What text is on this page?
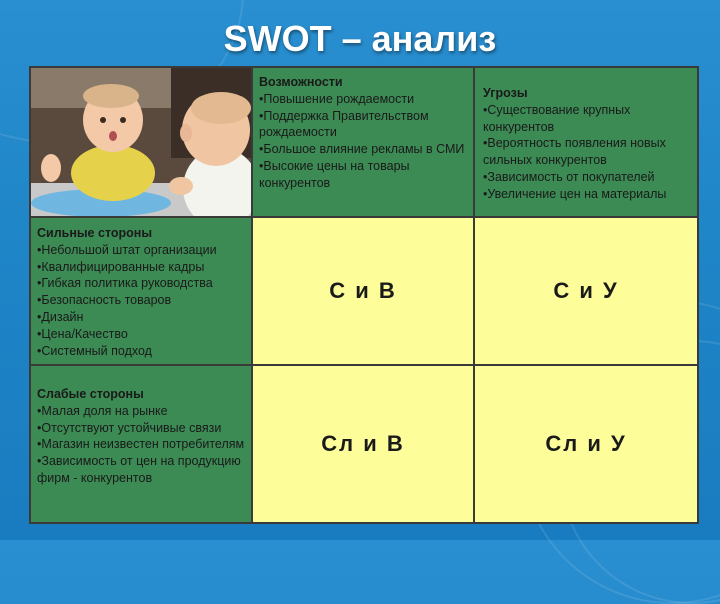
SWOT – анализ
Возможности
• Повышение рождаемости
• Поддержка Правительством рождаемости
• Большое влияние рекламы в СМИ
• Высокие цены на товары конкурентов
Угрозы
• Существование крупных конкурентов
• Вероятность появления новых сильных конкурентов
• Зависимость от покупателей
• Увеличение цен на материалы
Сильные стороны
• Небольшой штат организации
• Квалифицированные кадры
• Гибкая политика руководства
• Безопасность товаров
• Дизайн
• Цена/Качество
• Системный подход
С и В	С и У
Слабые стороны
• Малая доля на рынке
• Отсутствуют устойчивые связи
• Магазин неизвестен потребителям
• Зависимость от цен на продукцию фирм - конкурентов
Сл и В	Сл и У
